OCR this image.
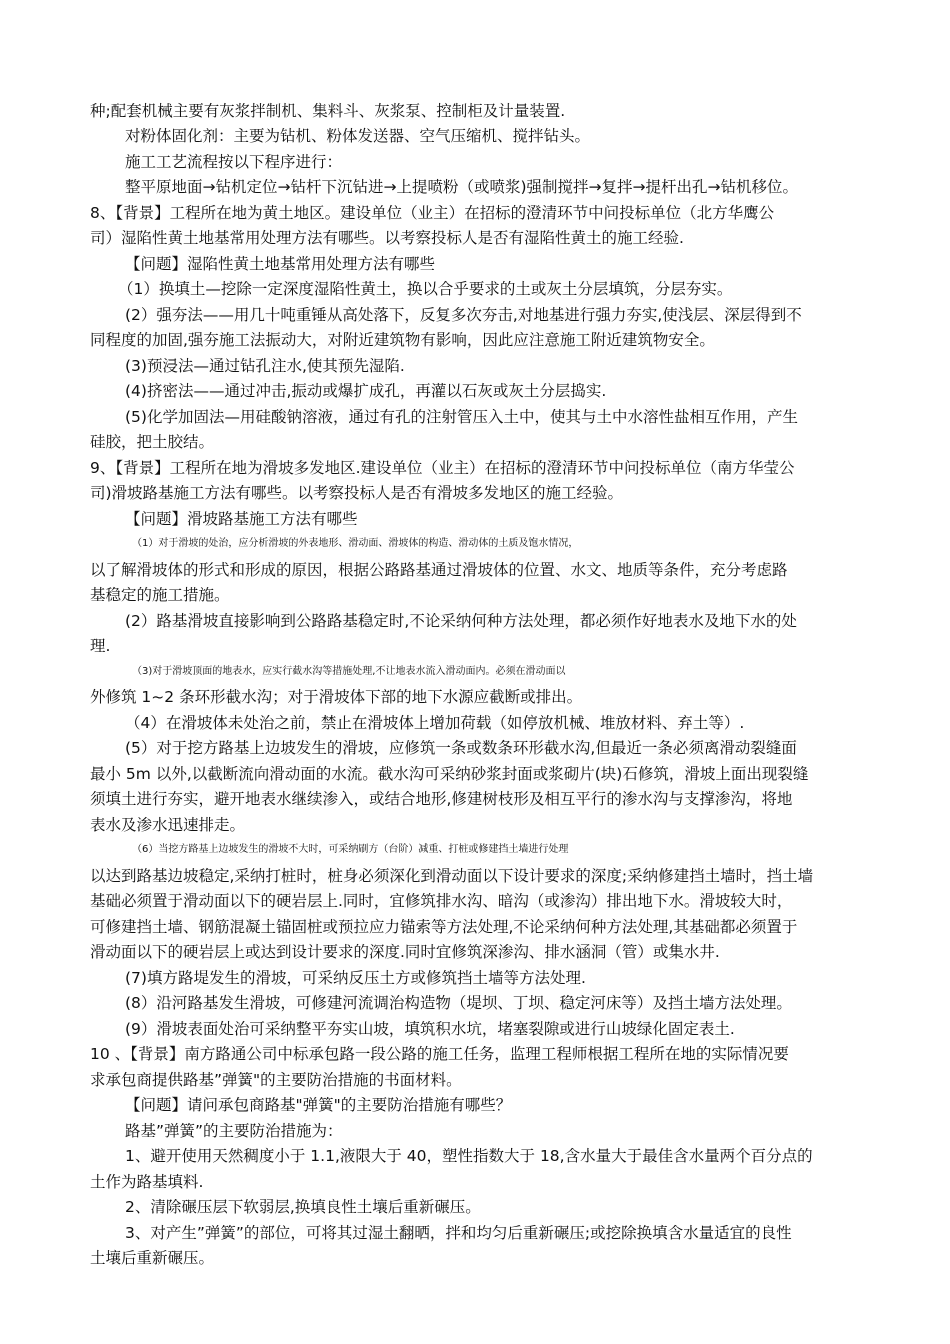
种;配套机械主要有灰浆拌制机、集料斗、灰浆泵、控制柜及计量装置.
对粉体固化剂：主要为钻机、粉体发送器、空气压缩机、搅拌钻头。
施工工艺流程按以下程序进行：
整平原地面→钻机定位→钻杆下沉钻进→上提喷粉（或喷浆)强制搅拌→复拌→提杆出孔→钻机移位。
8、【背景】工程所在地为黄土地区。建设单位（业主）在招标的澄清环节中问投标单位（北方华鹰公
司）湿陷性黄土地基常用处理方法有哪些。以考察投标人是否有湿陷性黄土的施工经验.
【问题】湿陷性黄土地基常用处理方法有哪些
（1）换填土—挖除一定深度湿陷性黄土，换以合乎要求的土或灰土分层填筑，分层夯实。
(2）强夯法——用几十吨重锤从高处落下，反复多次夯击,对地基进行强力夯实,使浅层、深层得到不
同程度的加固,强夯施工法振动大，对附近建筑物有影响，因此应注意施工附近建筑物安全。
(3)预浸法—通过钻孔注水,使其预先湿陷.
(4)挤密法——通过冲击,振动或爆扩成孔，再灌以石灰或灰土分层捣实.
(5)化学加固法—用硅酸钠溶液，通过有孔的注射管压入土中，使其与土中水溶性盐相互作用，产生
硅胶，把土胶结。
9、【背景】工程所在地为滑坡多发地区.建设单位（业主）在招标的澄清环节中问投标单位（南方华莹公
司)滑坡路基施工方法有哪些。以考察投标人是否有滑坡多发地区的施工经验。
【问题】滑坡路基施工方法有哪些
（1）对于滑坡的处治，应分析滑坡的外表地形、滑动面、滑坡体的构造、滑动体的土质及饱水情况，
以了解滑坡体的形式和形成的原因，根据公路路基通过滑坡体的位置、水文、地质等条件，充分考虑路
基稳定的施工措施。
(2）路基滑坡直接影响到公路路基稳定时,不论采纳何种方法处理，都必须作好地表水及地下水的处
理.
（3)对于滑坡顶面的地表水，应实行截水沟等措施处理,不让地表水流入滑动面内。必须在滑动面以
外修筑 1~2 条环形截水沟；对于滑坡体下部的地下水源应截断或排出。
（4）在滑坡体未处治之前，禁止在滑坡体上增加荷载（如停放机械、堆放材料、弃土等）.
(5）对于挖方路基上边坡发生的滑坡，应修筑一条或数条环形截水沟,但最近一条必须离滑动裂缝面
最小 5m 以外,以截断流向滑动面的水流。截水沟可采纳砂浆封面或浆砌片(块)石修筑，滑坡上面出现裂缝
须填土进行夯实，避开地表水继续渗入，或结合地形,修建树枝形及相互平行的渗水沟与支撑渗沟，将地
表水及渗水迅速排走。
（6）当挖方路基上边坡发生的滑坡不大时，可采纳刷方（台阶）减重、打桩或修建挡土墙进行处理
以达到路基边坡稳定,采纳打桩时，桩身必须深化到滑动面以下设计要求的深度;采纳修建挡土墙时，挡土墙
基础必须置于滑动面以下的硬岩层上.同时，宜修筑排水沟、暗沟（或渗沟）排出地下水。滑坡较大时，
可修建挡土墙、钢筋混凝土锚固桩或预拉应力锚索等方法处理,不论采纳何种方法处理,其基础都必须置于
滑动面以下的硬岩层上或达到设计要求的深度.同时宜修筑深渗沟、排水涵洞（管）或集水井.
(7)填方路堤发生的滑坡，可采纳反压土方或修筑挡土墙等方法处理.
(8）沿河路基发生滑坡，可修建河流调治构造物（堤坝、丁坝、稳定河床等）及挡土墙方法处理。
(9）滑坡表面处治可采纳整平夯实山坡，填筑积水坑，堵塞裂隙或进行山坡绿化固定表土.
10 、【背景】南方路通公司中标承包路一段公路的施工任务，监理工程师根据工程所在地的实际情况要
求承包商提供路基”弹簧"的主要防治措施的书面材料。
【问题】请问承包商路基"弹簧"的主要防治措施有哪些？
路基”弹簧”的主要防治措施为：
1、避开使用天然稠度小于 1.1,液限大于 40，塑性指数大于 18,含水量大于最佳含水量两个百分点的
土作为路基填料.
2、清除碾压层下软弱层,换填良性土壤后重新碾压。
3、对产生”弹簧”的部位，可将其过湿土翻晒，拌和均匀后重新碾压;或挖除换填含水量适宜的良性
土壤后重新碾压。
